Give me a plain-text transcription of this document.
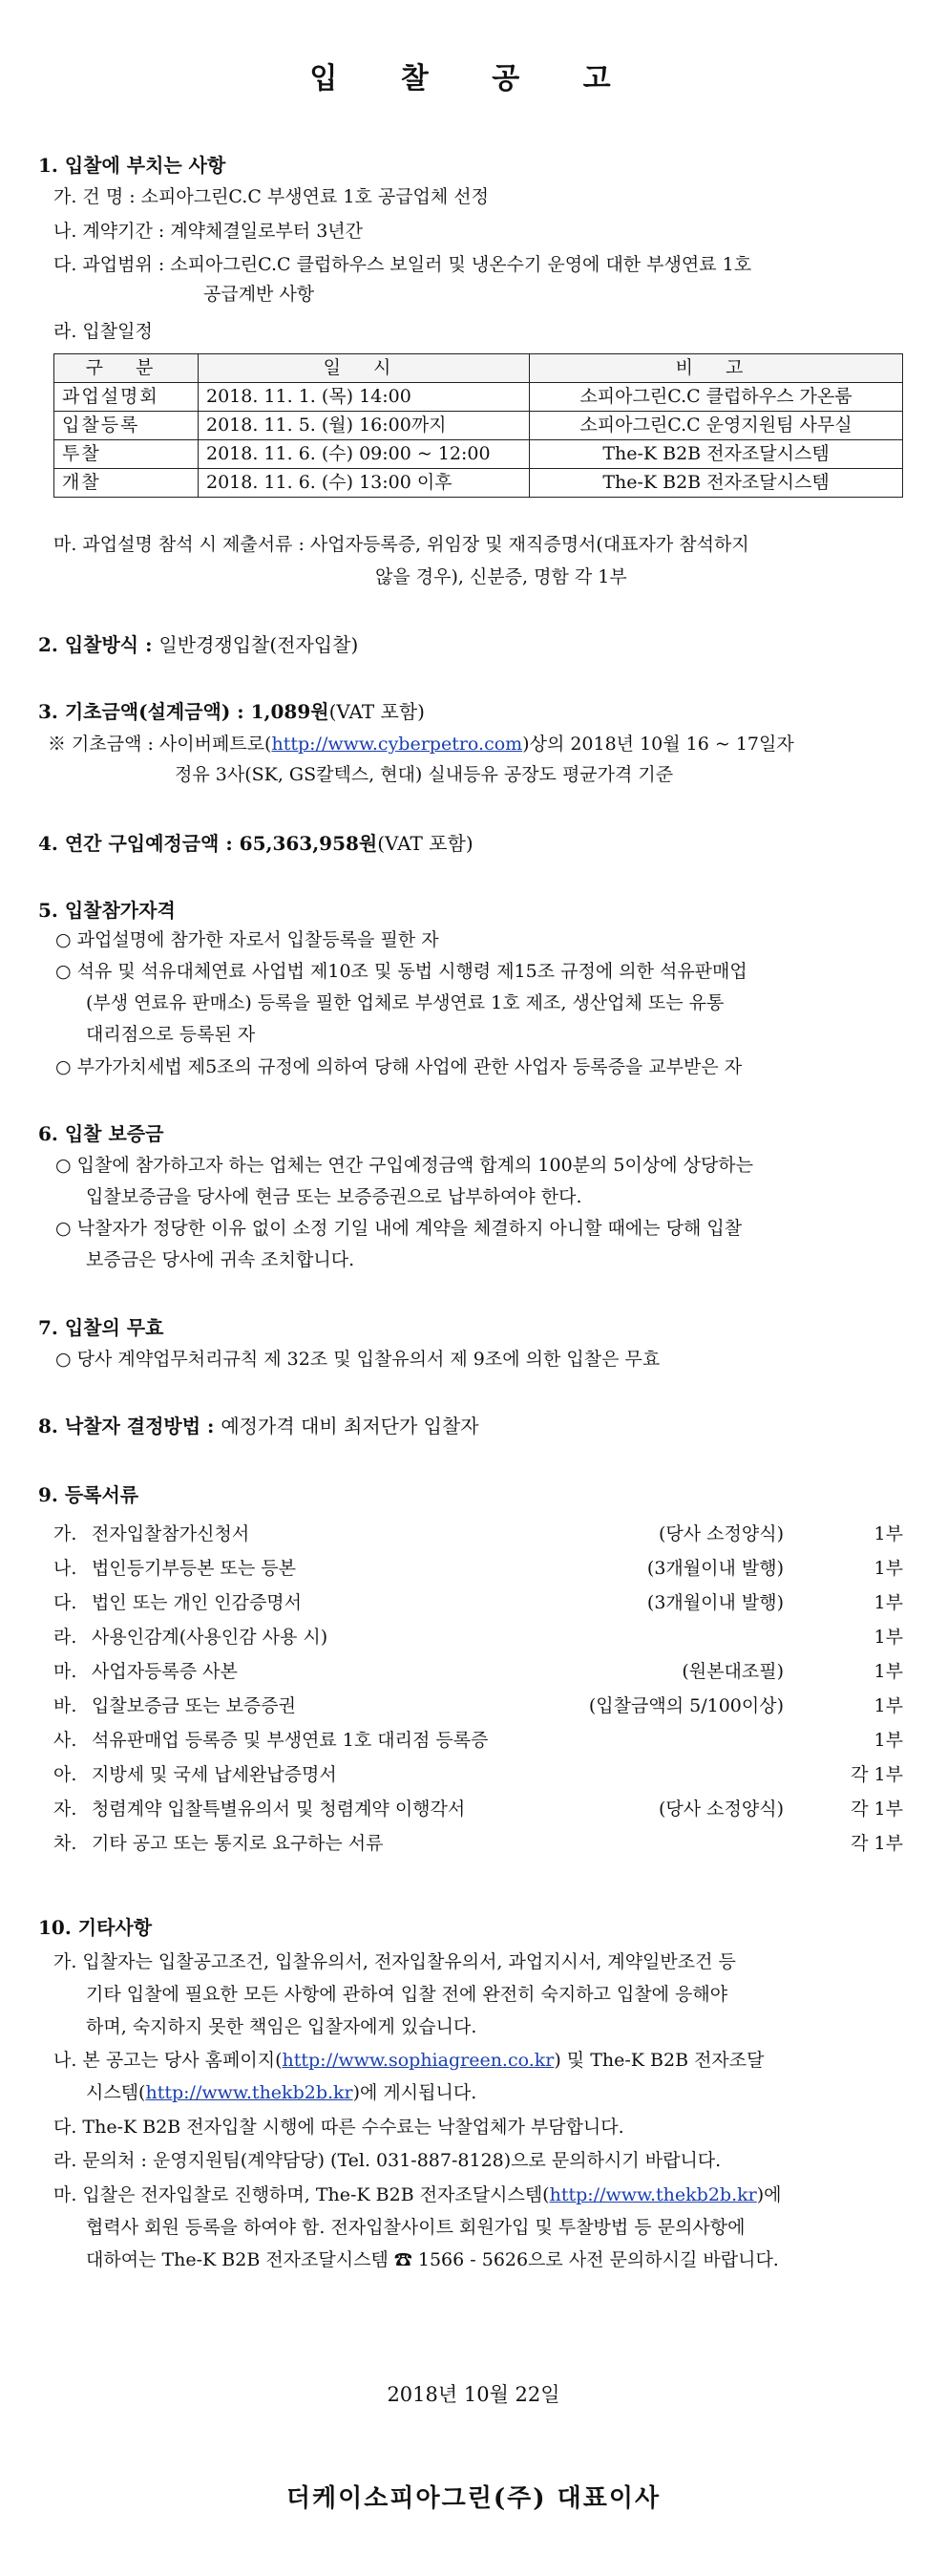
입 찰 공 고
1. 입찰에 부치는 사항
가. 건 명 : 소피아그린C.C 부생연료 1호 공급업체 선정
나. 계약기간 : 계약체결일로부터 3년간
다. 과업범위 : 소피아그린C.C 클럽하우스 보일러 및 냉온수기 운영에 대한 부생연료 1호
공급계반 사항
라. 입찰일정
구 분	일 시	비 고
과업설명회	2018. 11. 1. (목) 14:00	소피아그린C.C 클럽하우스 가온룸
입찰등록	2018. 11. 5. (월) 16:00까지	소피아그린C.C 운영지원팀 사무실
투찰	2018. 11. 6. (수) 09:00 ~ 12:00	The-K B2B 전자조달시스템
개찰	2018. 11. 6. (수) 13:00 이후	The-K B2B 전자조달시스템
마. 과업설명 참석 시 제출서류 : 사업자등록증, 위임장 및 재직증명서(대표자가 참석하지
않을 경우), 신분증, 명함 각 1부
2. 입찰방식 : 일반경쟁입찰(전자입찰)
3. 기초금액(설계금액) : 1,089원(VAT 포함)
※ 기초금액 : 사이버페트로(http://www.cyberpetro.com)상의 2018년 10월 16 ~ 17일자
정유 3사(SK, GS칼텍스, 현대) 실내등유 공장도 평균가격 기준
4. 연간 구입예정금액 : 65,363,958원(VAT 포함)
5. 입찰참가자격
○ 과업설명에 참가한 자로서 입찰등록을 필한 자
○ 석유 및 석유대체연료 사업법 제10조 및 동법 시행령 제15조 규정에 의한 석유판매업
(부생 연료유 판매소) 등록을 필한 업체로 부생연료 1호 제조, 생산업체 또는 유통
대리점으로 등록된 자
○ 부가가치세법 제5조의 규정에 의하여 당해 사업에 관한 사업자 등록증을 교부받은 자
6. 입찰 보증금
○ 입찰에 참가하고자 하는 업체는 연간 구입예정금액 합계의 100분의 5이상에 상당하는
입찰보증금을 당사에 현금 또는 보증증권으로 납부하여야 한다.
○ 낙찰자가 정당한 이유 없이 소정 기일 내에 계약을 체결하지 아니할 때에는 당해 입찰
보증금은 당사에 귀속 조치합니다.
7. 입찰의 무효
○ 당사 계약업무처리규칙 제 32조 및 입찰유의서 제 9조에 의한 입찰은 무효
8. 낙찰자 결정방법 : 예정가격 대비 최저단가 입찰자
9. 등록서류
가. 전자입찰참가신청서	(당사 소정양식)	1부
나. 법인등기부등본 또는 등본	(3개월이내 발행)	1부
다. 법인 또는 개인 인감증명서	(3개월이내 발행)	1부
라. 사용인감계(사용인감 사용 시)	1부
마. 사업자등록증 사본	(원본대조필)	1부
바. 입찰보증금 또는 보증증권	(입찰금액의 5/100이상)	1부
사. 석유판매업 등록증 및 부생연료 1호 대리점 등록증	1부
아. 지방세 및 국세 납세완납증명서	각 1부
자. 청렴계약 입찰특별유의서 및 청렴계약 이행각서	(당사 소정양식)	각 1부
차. 기타 공고 또는 통지로 요구하는 서류	각 1부
10. 기타사항
가. 입찰자는 입찰공고조건, 입찰유의서, 전자입찰유의서, 과업지시서, 계약일반조건 등
기타 입찰에 필요한 모든 사항에 관하여 입찰 전에 완전히 숙지하고 입찰에 응해야
하며, 숙지하지 못한 책임은 입찰자에게 있습니다.
나. 본 공고는 당사 홈페이지(http://www.sophiagreen.co.kr) 및 The-K B2B 전자조달
시스템(http://www.thekb2b.kr)에 게시됩니다.
다. The-K B2B 전자입찰 시행에 따른 수수료는 낙찰업체가 부담합니다.
라. 문의처 : 운영지원팀(계약담당) (Tel. 031-887-8128)으로 문의하시기 바랍니다.
마. 입찰은 전자입찰로 진행하며, The-K B2B 전자조달시스템(http://www.thekb2b.kr)에
협력사 회원 등록을 하여야 함. 전자입찰사이트 회원가입 및 투찰방법 등 문의사항에
대하여는 The-K B2B 전자조달시스템 ☎ 1566 - 5626으로 사전 문의하시길 바랍니다.
2018년 10월 22일
더케이소피아그린(주) 대표이사
